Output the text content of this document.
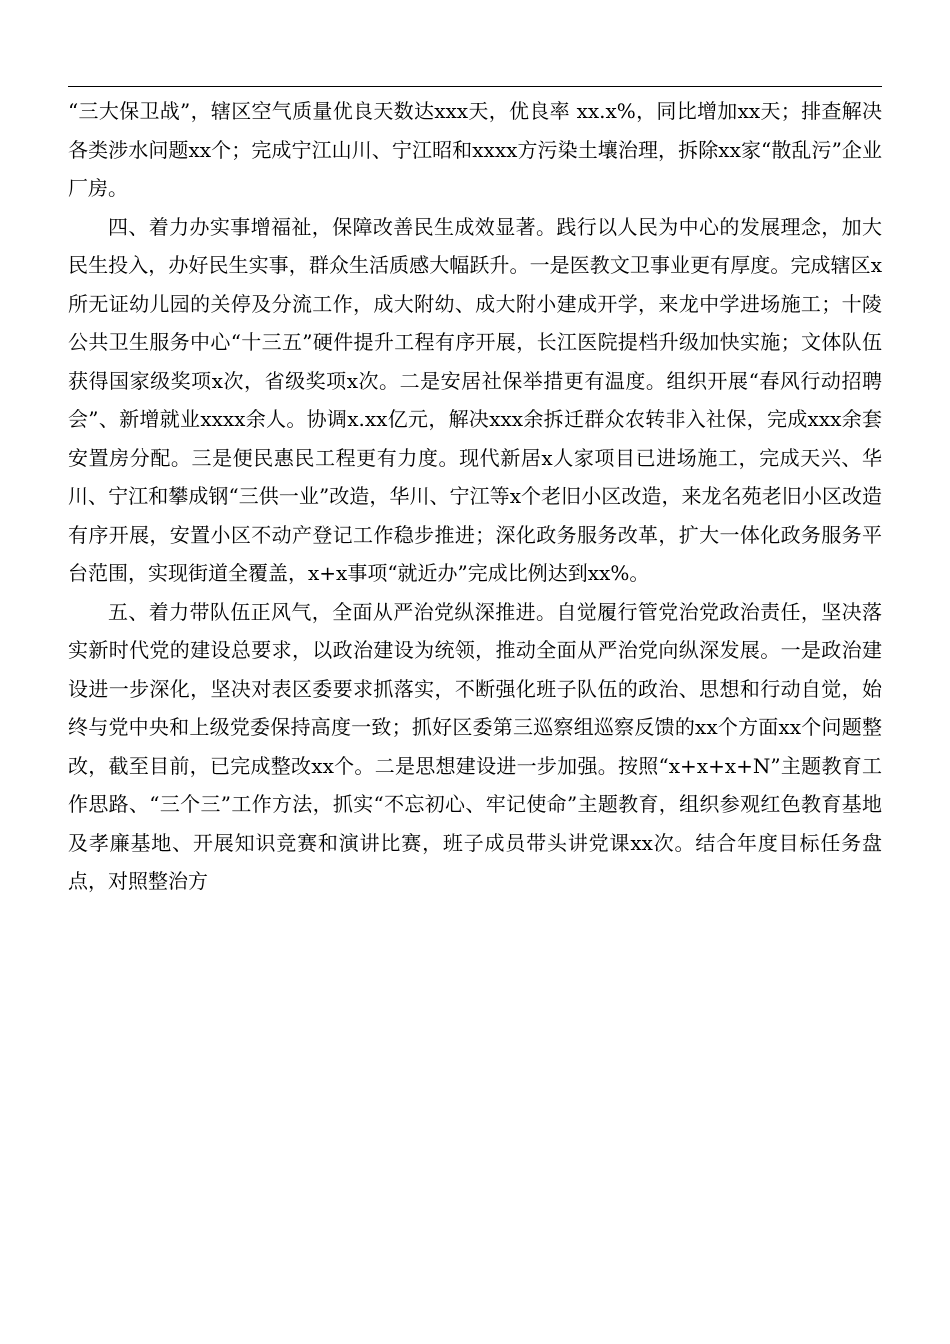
“三大保卫战”，辖区空气质量优良天数达xxx天，优良率 xx.x%，同比增加xx天；排查解决各类涉水问题xx个；完成宁江山川、宁江昭和xxxx方污染土壤治理，拆除xx家“散乱污”企业厂房。

四、着力办实事增福祉，保障改善民生成效显著。践行以人民为中心的发展理念，加大民生投入，办好民生实事，群众生活质感大幅跃升。一是医教文卫事业更有厚度。完成辖区x所无证幼儿园的关停及分流工作，成大附幼、成大附小建成开学，来龙中学进场施工；十陵公共卫生服务中心“十三五”硬件提升工程有序开展，长江医院提档升级加快实施；文体队伍获得国家级奖项x次，省级奖项x次。二是安居社保举措更有温度。组织开展“春风行动招聘会”、新增就业xxxx余人。协调x.xx亿元，解决xxx余拆迁群众农转非入社保，完成xxx余套安置房分配。三是便民惠民工程更有力度。现代新居x人家项目已进场施工，完成天兴、华川、宁江和攀成钢“三供一业”改造，华川、宁江等x个老旧小区改造，来龙名苑老旧小区改造有序开展，安置小区不动产登记工作稳步推进；深化政务服务改革，扩大一体化政务服务平台范围，实现街道全覆盖，x+x事项“就近办”完成比例达到xx%。

五、着力带队伍正风气，全面从严治党纵深推进。自觉履行管党治党政治责任，坚决落实新时代党的建设总要求，以政治建设为统领，推动全面从严治党向纵深发展。一是政治建设进一步深化，坚决对表区委要求抓落实，不断强化班子队伍的政治、思想和行动自觉，始终与党中央和上级党委保持高度一致；抓好区委第三巡察组巡察反馈的xx个方面xx个问题整改，截至目前，已完成整改xx个。二是思想建设进一步加强。按照“x+x+x+N”主题教育工作思路、“三个三”工作方法，抓实“不忘初心、牢记使命”主题教育，组织参观红色教育基地及孝廉基地、开展知识竞赛和演讲比赛，班子成员带头讲党课xx次。结合年度目标任务盘点，对照整治方
